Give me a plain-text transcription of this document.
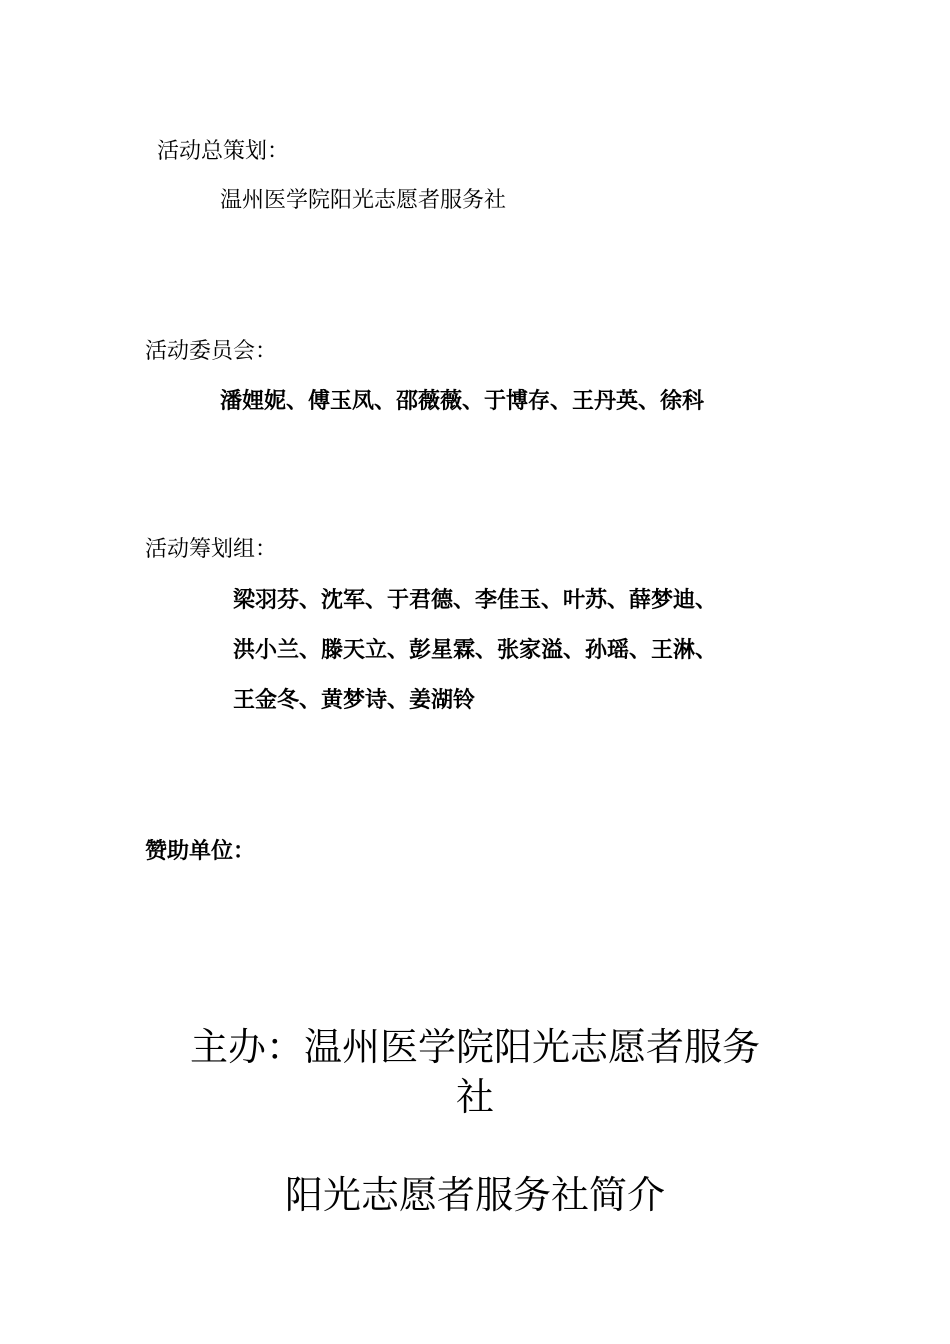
活动总策划：
温州医学院阳光志愿者服务社
活动委员会：
潘娌妮、傅玉凤、邵薇薇、于博存、王丹英、徐科
活动筹划组：
梁羽芬、沈军、于君德、李佳玉、叶苏、薛梦迪、
洪小兰、滕天立、彭星霖、张家溢、孙瑶、王淋、
王金冬、黄梦诗、姜湖铃
赞助单位：
主办：温州医学院阳光志愿者服务
社
阳光志愿者服务社简介
